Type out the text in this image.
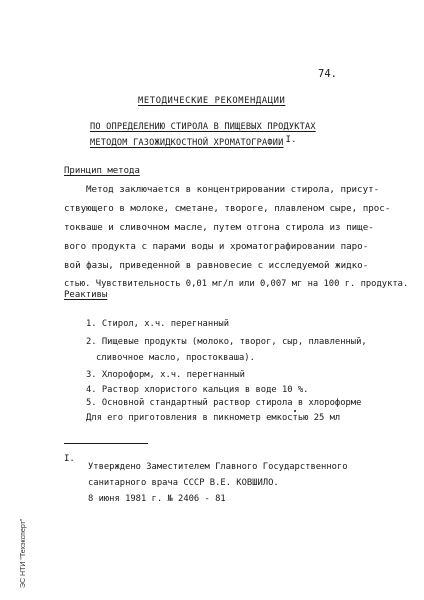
74.
МЕТОДИЧЕСКИЕ РЕКОМЕНДАЦИИ
ПО ОПРЕДЕЛЕНИЮ СТИРОЛА В ПИЩЕВЫХ ПРОДУКТАХ
МЕТОДОМ ГАЗОЖИДКОСТНОЙ ХРОМАТОГРАФИИ I.
Принцип метода
Метод заключается в концентрировании стирола, присут-
ствующего в молоке, сметане, твороге, плавленом сыре, прос-
токваше и сливочном масле, путем отгона стирола из пище-
вого продукта с парами воды и хроматографировании паро-
вой фазы, приведенной в равновесие с исследуемой жидко-
стью. Чувствительность 0,01 мг/л или 0,007 мг на 100 г. продукта.
Реактивы
1. Стирол, х.ч. перегнанный
2. Пищевые продукты (молоко, творог, сыр, плавленный,
сливочное масло, простокваша).
3. Хлороформ, х.ч. перегнанный
4. Раствор хлористого кальция в воде 10 %.
5. Основной стандартный раствор стирола в хлороформе
Для его приготовления в пикнометр емкостью 25 мл
I.
Утверждено Заместителем Главного Государственного
санитарного врача СССР В.Е. КОВШИЛО.
8 июня 1981 г. № 2406 - 81
ЭС НТИ "Техэксперт"
